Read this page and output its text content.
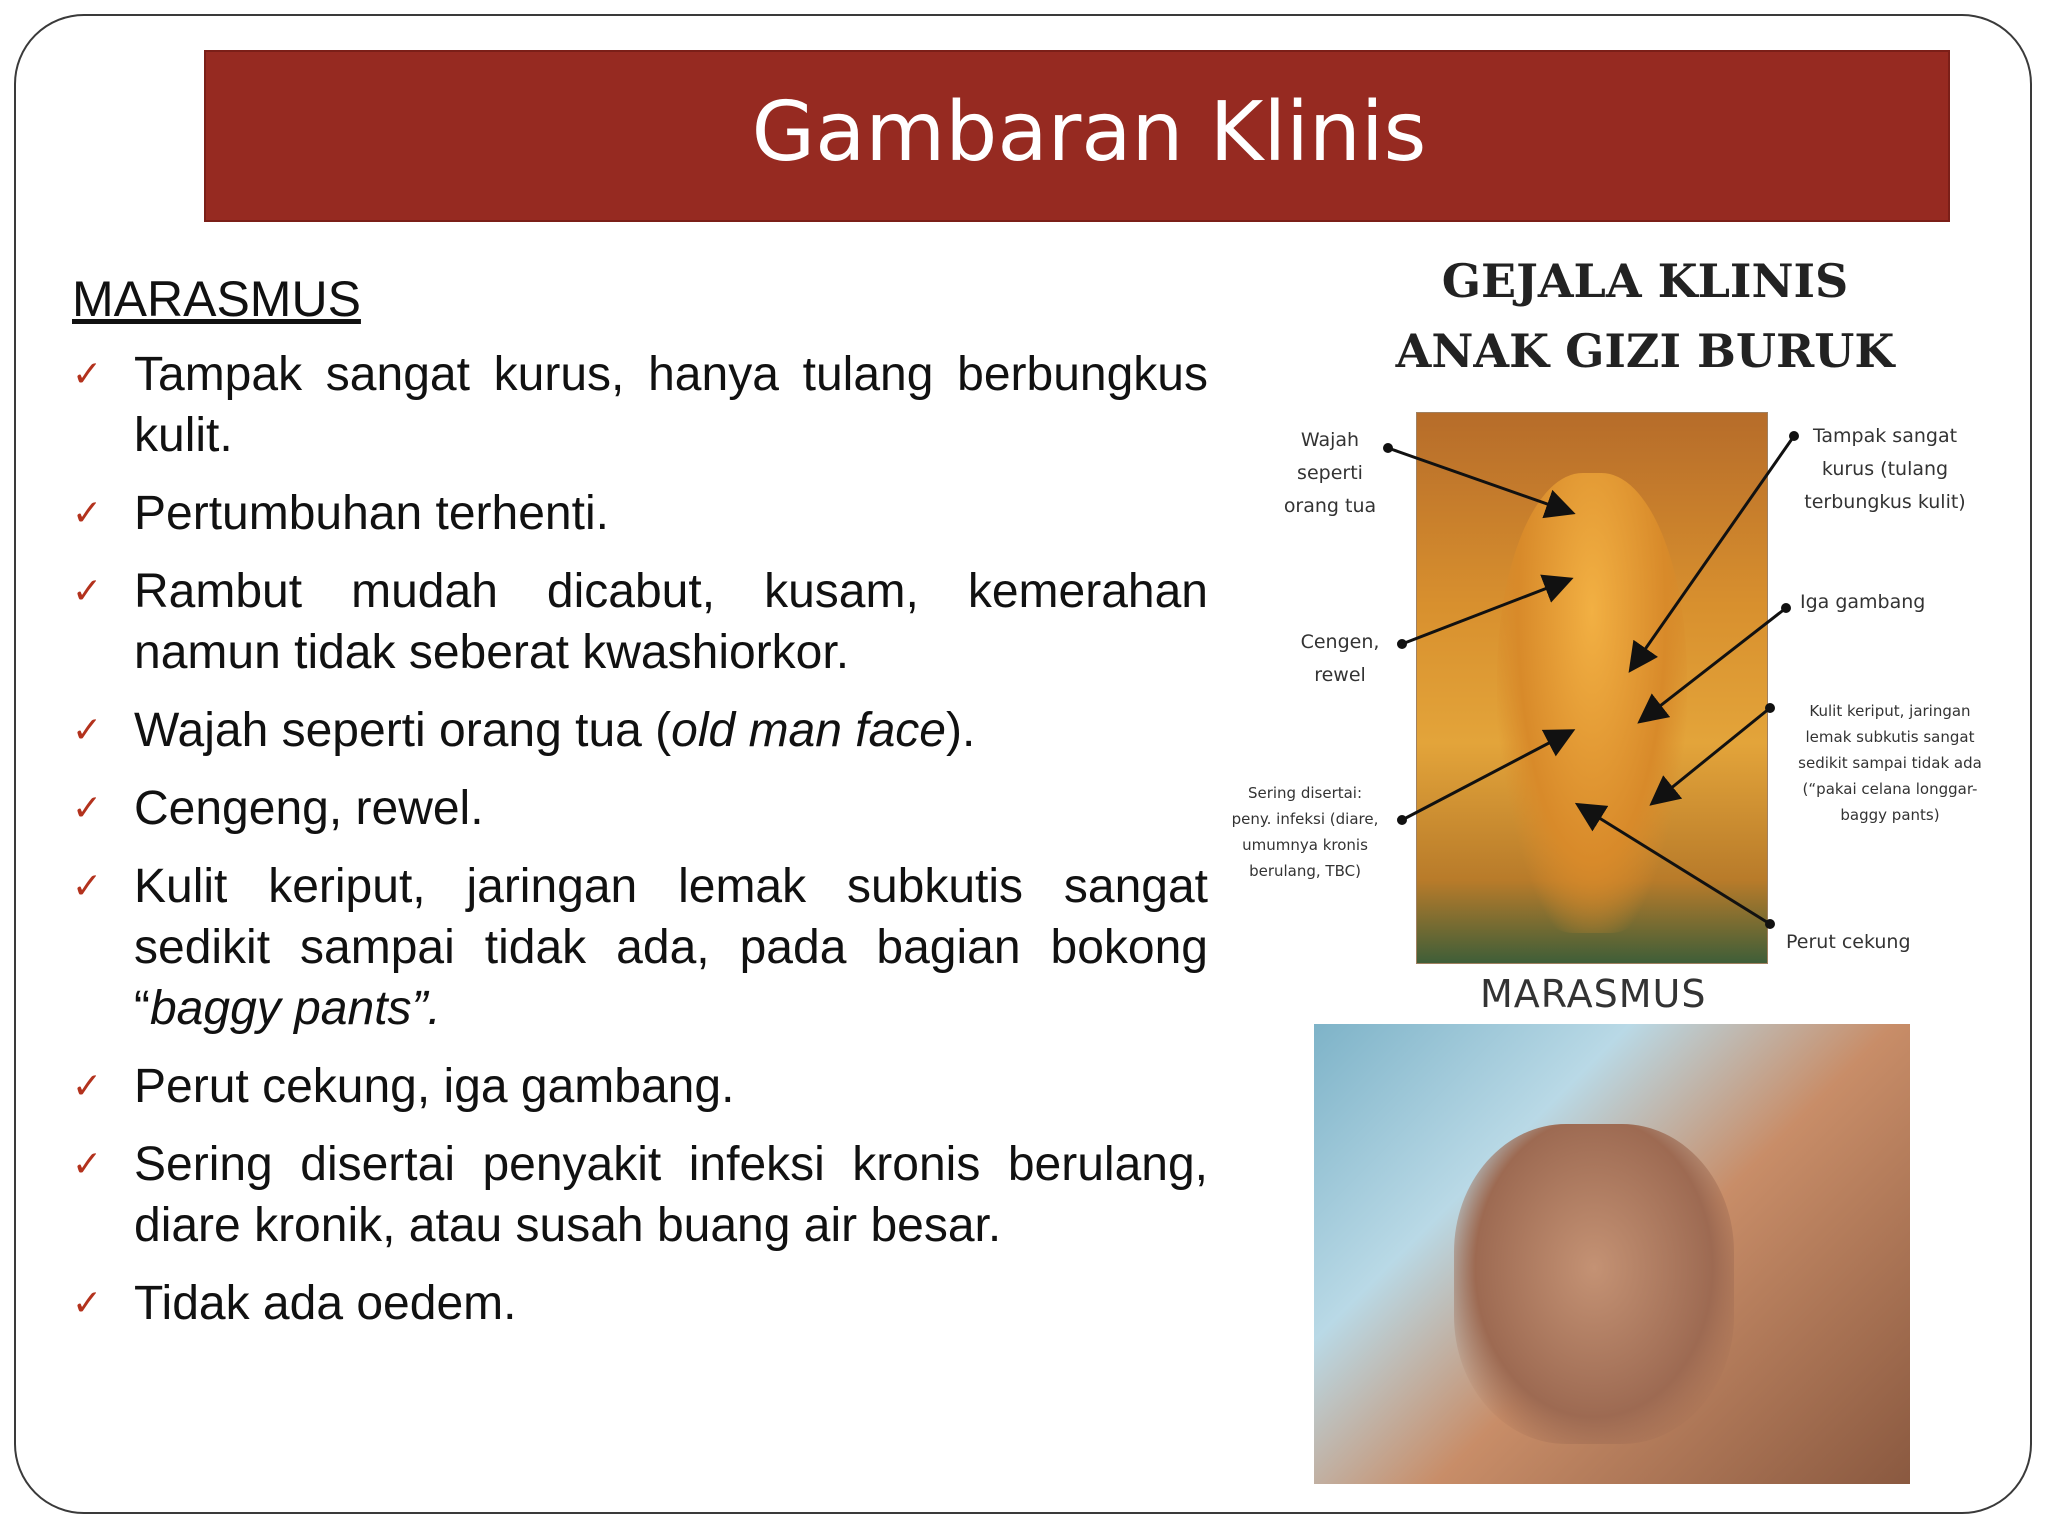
Gambaran Klinis

MARASMUS

✓ Tampak sangat kurus, hanya tulang berbungkus kulit.
✓ Pertumbuhan terhenti.
✓ Rambut mudah dicabut, kusam, kemerahan namun tidak seberat kwashiorkor.
✓ Wajah seperti orang tua (old man face).
✓ Cengeng, rewel.
✓ Kulit keriput, jaringan lemak subkutis sangat sedikit sampai tidak ada, pada bagian bokong “baggy pants”.
✓ Perut cekung, iga gambang.
✓ Sering disertai penyakit infeksi kronis berulang, diare kronik, atau susah buang air besar.
✓ Tidak ada oedem.
GEJALA KLINIS
ANAK GIZI BURUK
Wajah seperti orang tua
Tampak sangat kurus (tulang terbungkus kulit)
Iga gambang
Cengen, rewel
Kulit keriput, jaringan lemak subkutis sangat sedikit sampai tidak ada (“pakai celana longgar-baggy pants)
Sering disertai: peny. infeksi (diare, umumnya kronis berulang, TBC)
Perut cekung
MARASMUS
